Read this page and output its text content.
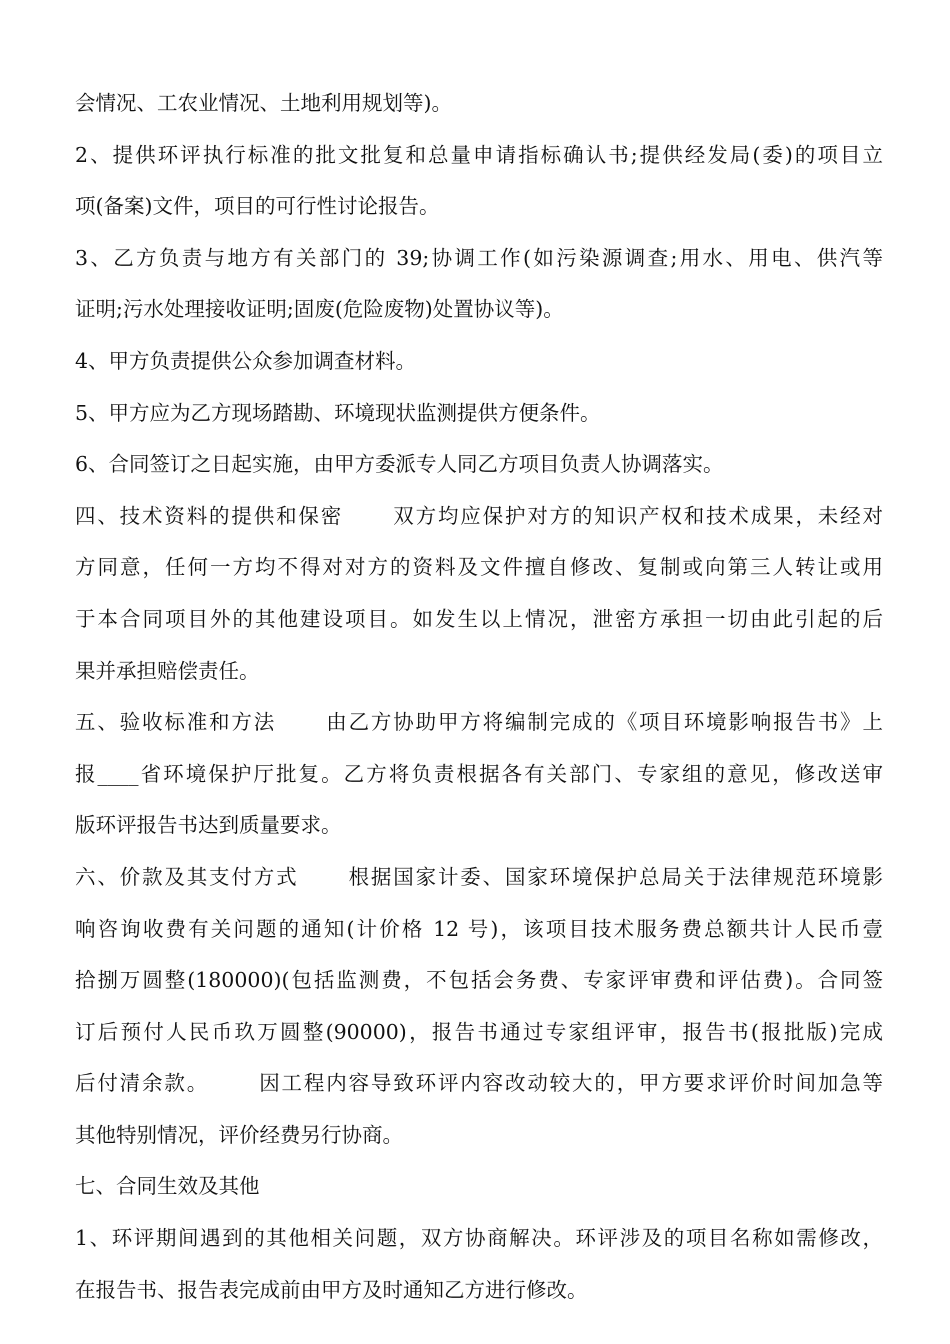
会情况、工农业情况、土地利用规划等)。
2、提供环评执行标准的批文批复和总量申请指标确认书;提供经发局(委)的项目立
项(备案)文件，项目的可行性讨论报告。
3、乙方负责与地方有关部门的 39;协调工作(如污染源调查;用水、用电、供汽等
证明;污水处理接收证明;固废(危险废物)处置协议等)。
4、甲方负责提供公众参加调查材料。
5、甲方应为乙方现场踏勘、环境现状监测提供方便条件。
6、合同签订之日起实施，由甲方委派专人同乙方项目负责人协调落实。
四、技术资料的提供和保密      双方均应保护对方的知识产权和技术成果，未经对
方同意，任何一方均不得对对方的资料及文件擅自修改、复制或向第三人转让或用
于本合同项目外的其他建设项目。如发生以上情况，泄密方承担一切由此引起的后
果并承担赔偿责任。
五、验收标准和方法      由乙方协助甲方将编制完成的《项目环境影响报告书》上
报____省环境保护厅批复。乙方将负责根据各有关部门、专家组的意见，修改送审
版环评报告书达到质量要求。
六、价款及其支付方式      根据国家计委、国家环境保护总局关于法律规范环境影
响咨询收费有关问题的通知(计价格 12 号)，该项目技术服务费总额共计人民币壹
拾捌万圆整(180000)(包括监测费，不包括会务费、专家评审费和评估费)。合同签
订后预付人民币玖万圆整(90000)，报告书通过专家组评审，报告书(报批版)完成
后付清余款。      因工程内容导致环评内容改动较大的，甲方要求评价时间加急等
其他特别情况，评价经费另行协商。
七、合同生效及其他
1、环评期间遇到的其他相关问题，双方协商解决。环评涉及的项目名称如需修改，
在报告书、报告表完成前由甲方及时通知乙方进行修改。
